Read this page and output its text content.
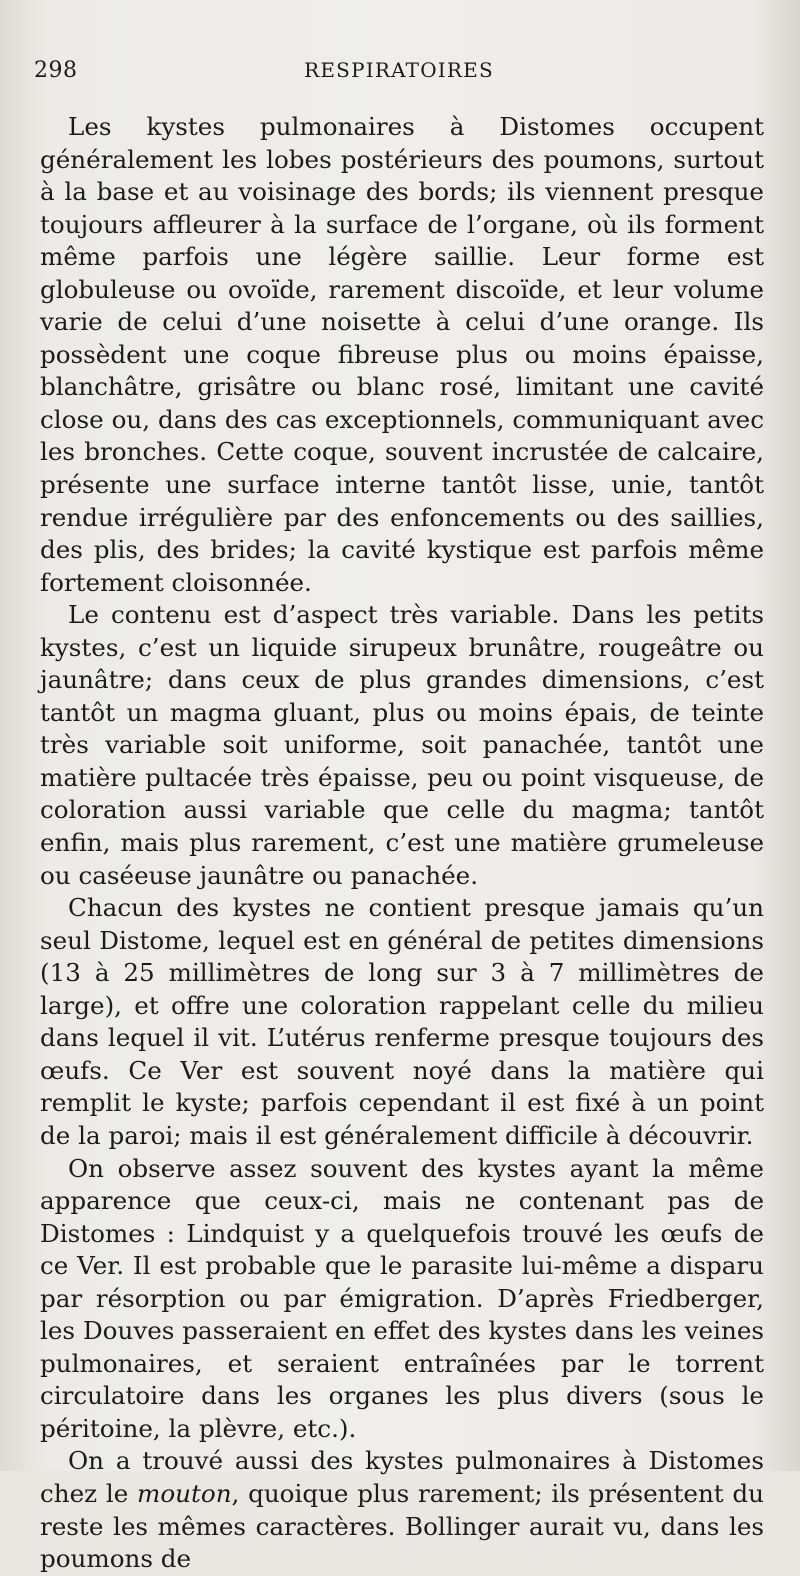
298	RESPIRATOIRES

Les kystes pulmonaires à Distomes occupent généralement les lobes postérieurs des poumons, surtout à la base et au voisinage des bords; ils viennent presque toujours affleurer à la surface de l’organe, où ils forment même parfois une légère saillie. Leur forme est globuleuse ou ovoïde, rarement discoïde, et leur volume varie de celui d’une noisette à celui d’une orange. Ils possèdent une coque fibreuse plus ou moins épaisse, blanchâtre, grisâtre ou blanc rosé, limitant une cavité close ou, dans des cas exceptionnels, communiquant avec les bronches. Cette coque, souvent incrustée de calcaire, présente une surface interne tantôt lisse, unie, tantôt rendue irrégulière par des enfoncements ou des saillies, des plis, des brides; la cavité kystique est parfois même fortement cloisonnée.

Le contenu est d’aspect très variable. Dans les petits kystes, c’est un liquide sirupeux brunâtre, rougeâtre ou jaunâtre; dans ceux de plus grandes dimensions, c’est tantôt un magma gluant, plus ou moins épais, de teinte très variable soit uniforme, soit panachée, tantôt une matière pultacée très épaisse, peu ou point visqueuse, de coloration aussi variable que celle du magma; tantôt enfin, mais plus rarement, c’est une matière grumeleuse ou caséeuse jaunâtre ou panachée.

Chacun des kystes ne contient presque jamais qu’un seul Distome, lequel est en général de petites dimensions (13 à 25 millimètres de long sur 3 à 7 millimètres de large), et offre une coloration rappelant celle du milieu dans lequel il vit. L’utérus renferme presque toujours des œufs. Ce Ver est souvent noyé dans la matière qui remplit le kyste; parfois cependant il est fixé à un point de la paroi; mais il est généralement difficile à découvrir.

On observe assez souvent des kystes ayant la même apparence que ceux-ci, mais ne contenant pas de Distomes : Lindquist y a quelquefois trouvé les œufs de ce Ver. Il est probable que le parasite lui-même a disparu par résorption ou par émigration. D’après Friedberger, les Douves passeraient en effet des kystes dans les veines pulmonaires, et seraient entraînées par le torrent circulatoire dans les organes les plus divers (sous le péritoine, la plèvre, etc.).

On a trouvé aussi des kystes pulmonaires à Distomes chez le mouton, quoique plus rarement; ils présentent du reste les mêmes caractères. Bollinger aurait vu, dans les poumons de
